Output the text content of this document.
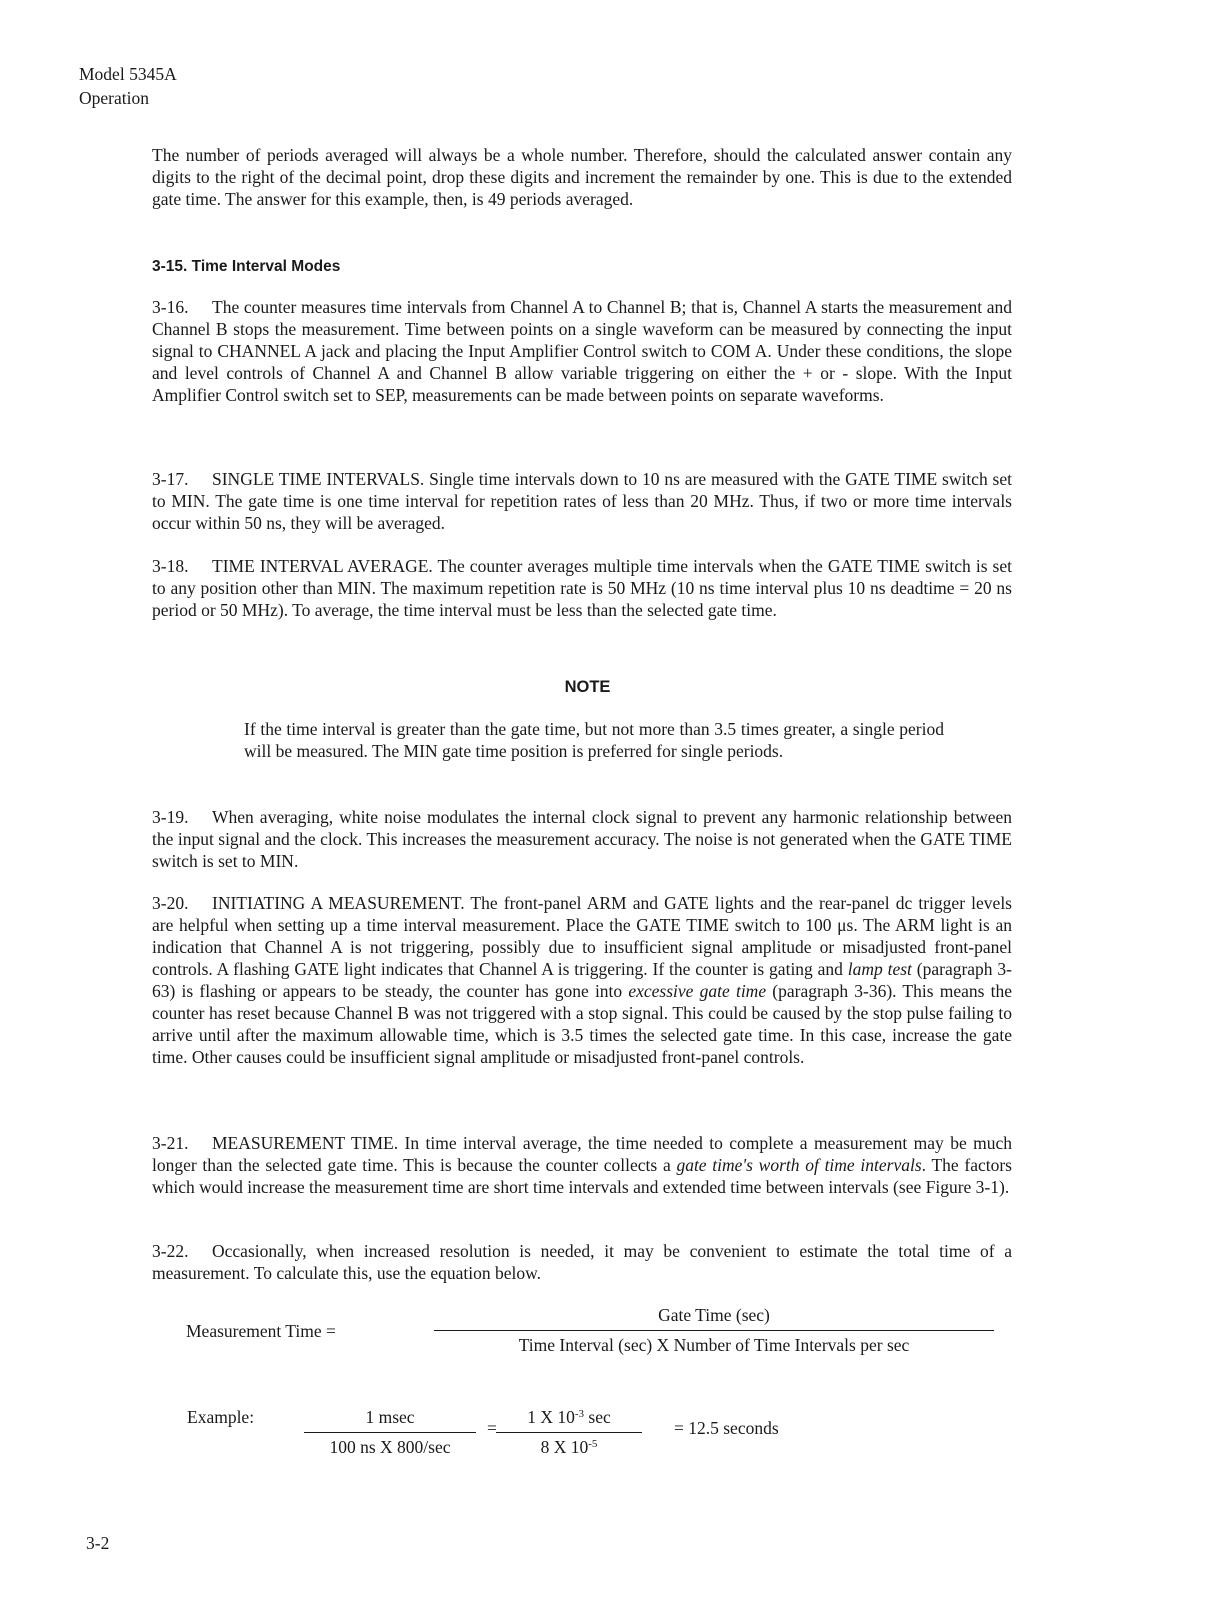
Model 5345A
Operation

The number of periods averaged will always be a whole number. Therefore, should the calculated answer contain any digits to the right of the decimal point, drop these digits and increment the remainder by one. This is due to the extended gate time. The answer for this example, then, is 49 periods averaged.

3-15. Time Interval Modes

3-16. The counter measures time intervals from Channel A to Channel B; that is, Channel A starts the measurement and Channel B stops the measurement. Time between points on a single waveform can be measured by connecting the input signal to CHANNEL A jack and placing the Input Amplifier Control switch to COM A. Under these conditions, the slope and level controls of Channel A and Channel B allow variable triggering on either the + or - slope. With the Input Amplifier Control switch set to SEP, measurements can be made between points on separate waveforms.

3-17. SINGLE TIME INTERVALS. Single time intervals down to 10 ns are measured with the GATE TIME switch set to MIN. The gate time is one time interval for repetition rates of less than 20 MHz. Thus, if two or more time intervals occur within 50 ns, they will be averaged.

3-18. TIME INTERVAL AVERAGE. The counter averages multiple time intervals when the GATE TIME switch is set to any position other than MIN. The maximum repetition rate is 50 MHz (10 ns time interval plus 10 ns deadtime = 20 ns period or 50 MHz). To average, the time interval must be less than the selected gate time.

NOTE

If the time interval is greater than the gate time, but not more than 3.5 times greater, a single period will be measured. The MIN gate time position is preferred for single periods.

3-19. When averaging, white noise modulates the internal clock signal to prevent any harmonic relationship between the input signal and the clock. This increases the measurement accuracy. The noise is not generated when the GATE TIME switch is set to MIN.

3-20. INITIATING A MEASUREMENT. The front-panel ARM and GATE lights and the rear-panel dc trigger levels are helpful when setting up a time interval measurement. Place the GATE TIME switch to 100 μs. The ARM light is an indication that Channel A is not triggering, possibly due to insufficient signal amplitude or misadjusted front-panel controls. A flashing GATE light indicates that Channel A is triggering. If the counter is gating and lamp test (paragraph 3-63) is flashing or appears to be steady, the counter has gone into excessive gate time (paragraph 3-36). This means the counter has reset because Channel B was not triggered with a stop signal. This could be caused by the stop pulse failing to arrive until after the maximum allowable time, which is 3.5 times the selected gate time. In this case, increase the gate time. Other causes could be insufficient signal amplitude or misadjusted front-panel controls.

3-21. MEASUREMENT TIME. In time interval average, the time needed to complete a measurement may be much longer than the selected gate time. This is because the counter collects a gate time's worth of time intervals. The factors which would increase the measurement time are short time intervals and extended time between intervals (see Figure 3-1).

3-22. Occasionally, when increased resolution is needed, it may be convenient to estimate the total time of a measurement. To calculate this, use the equation below.

Measurement Time =
Gate Time (sec)
Time Interval (sec) X Number of Time Intervals per sec
Example:	1 msec
100 ns X 800/sec
=
1 X $10^{-3}$ sec
8 X $10^{-5}$
= 12.5 seconds
3-2
